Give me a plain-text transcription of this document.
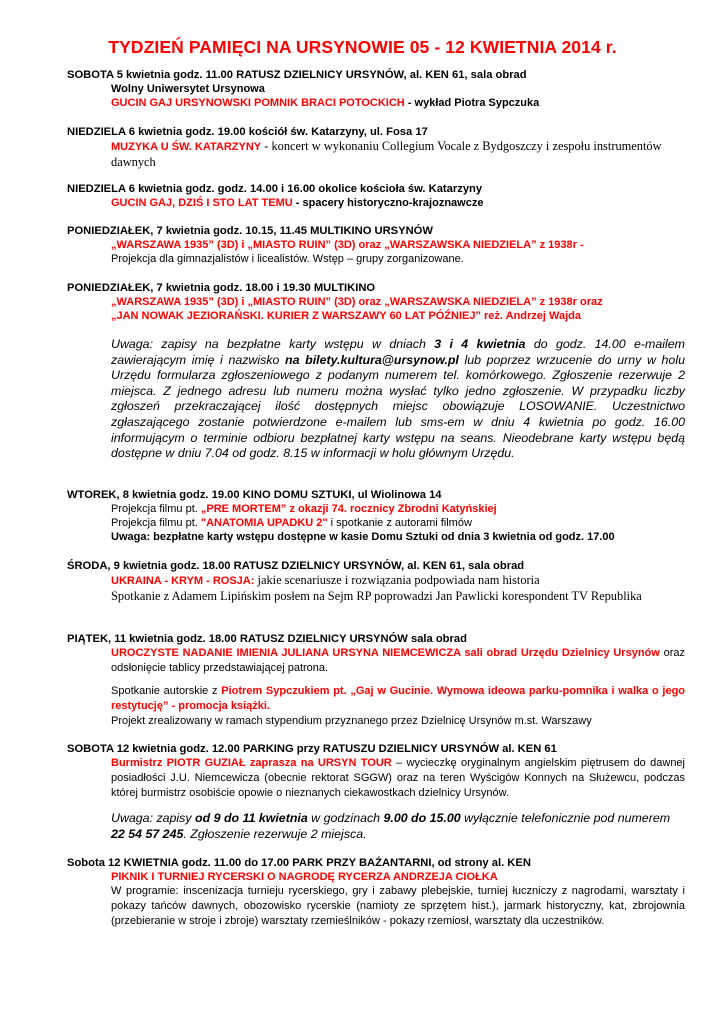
TYDZIEŃ PAMIĘCI NA URSYNOWIE 05 - 12 KWIETNIA 2014 r.
SOBOTA 5 kwietnia godz. 11.00 RATUSZ DZIELNICY URSYNÓW, al. KEN 61, sala obrad
Wolny Uniwersytet Ursynowa
GUCIN GAJ URSYNOWSKI POMNIK BRACI POTOCKICH - wykład Piotra Sypczuka
NIEDZIELA 6 kwietnia godz. 19.00 kościół św. Katarzyny, ul. Fosa 17
MUZYKA U ŚW. KATARZYNY - koncert w wykonaniu Collegium Vocale z Bydgoszczy i zespołu instrumentów dawnych
NIEDZIELA 6 kwietnia godz. godz. 14.00 i 16.00 okolice kościoła św. Katarzyny
GUCIN GAJ, DZIŚ I STO LAT TEMU - spacery historyczno-krajoznawcze
PONIEDZIAŁEK, 7 kwietnia godz. 10.15, 11.45 MULTIKINO URSYNÓW
„WARSZAWA 1935” (3D) i „MIASTO RUIN” (3D) oraz „WARSZAWSKA NIEDZIELA” z 1938r -
Projekcja dla gimnazjalistów i licealistów. Wstęp – grupy zorganizowane.
PONIEDZIAŁEK, 7 kwietnia godz. 18.00 i 19.30 MULTIKINO
„WARSZAWA 1935” (3D) i „MIASTO RUIN” (3D) oraz „WARSZAWSKA NIEDZIELA” z 1938r oraz
„JAN NOWAK JEZIORAŃSKI. KURIER Z WARSZAWY 60 LAT PÓŹNIEJ” reż. Andrzej Wajda
Uwaga: zapisy na bezpłatne karty wstępu w dniach 3 i 4 kwietnia do godz. 14.00 e-mailem zawierającym imię i nazwisko na bilety.kultura@ursynow.pl lub poprzez wrzucenie do urny w holu Urzędu formularza zgłoszeniowego z podanym numerem tel. komórkowego. Zgłoszenie rezerwuje 2 miejsca. Z jednego adresu lub numeru można wysłać tylko jedno zgłoszenie. W przypadku liczby zgłoszeń przekraczającej ilość dostępnych miejsc obowiązuje LOSOWANIE. Uczestnictwo zgłaszającego zostanie potwierdzone e-mailem lub sms-em w dniu 4 kwietnia po godz. 16.00 informującym o terminie odbioru bezpłatnej karty wstępu na seans. Nieodebrane karty wstępu będą dostępne w dniu 7.04 od godz. 8.15 w informacji w holu głównym Urzędu.
WTOREK, 8 kwietnia godz. 19.00 KINO DOMU SZTUKI, ul Wiolinowa 14
Projekcja filmu pt. „PRE MORTEM” z okazji 74. rocznicy Zbrodni Katyńskiej
Projekcja filmu pt. "ANATOMIA UPADKU 2" i spotkanie z autorami filmów
Uwaga: bezpłatne karty wstępu dostępne w kasie Domu Sztuki od dnia 3 kwietnia od godz. 17.00
ŚRODA, 9 kwietnia godz. 18.00 RATUSZ DZIELNICY URSYNÓW, al. KEN 61, sala obrad
UKRAINA - KRYM - ROSJA: jakie scenariusze i rozwiązania podpowiada nam historia
Spotkanie z Adamem Lipińskim posłem na Sejm RP poprowadzi Jan Pawlicki korespondent TV Republika
PIĄTEK, 11 kwietnia godz. 18.00 RATUSZ DZIELNICY URSYNÓW sala obrad
UROCZYSTE NADANIE IMIENIA JULIANA URSYNA NIEMCEWICZA sali obrad Urzędu Dzielnicy Ursynów oraz odsłonięcie tablicy przedstawiającej patrona.
Spotkanie autorskie z Piotrem Sypczukiem pt. „Gaj w Gucinie. Wymowa ideowa parku-pomnika i walka o jego restytucję” - promocja książki.
Projekt zrealizowany w ramach stypendium przyznanego przez Dzielnicę Ursynów m.st. Warszawy
SOBOTA 12 kwietnia godz. 12.00 PARKING przy RATUSZU DZIELNICY URSYNÓW al. KEN 61
Burmistrz PIOTR GUZIAŁ zaprasza na URSYN TOUR – wycieczkę oryginalnym angielskim piętrusem do dawnej posiadłości J.U. Niemcewicza (obecnie rektorat SGGW) oraz na teren Wyścigów Konnych na Służewcu, podczas której burmistrz osobiście opowie o nieznanych ciekawostkach dzielnicy Ursynów.
Uwaga: zapisy od 9 do 11 kwietnia w godzinach 9.00 do 15.00 wyłącznie telefonicznie pod numerem 22 54 57 245. Zgłoszenie rezerwuje 2 miejsca.
Sobota 12 KWIETNIA godz. 11.00 do 17.00 PARK PRZY BAŻANTARNI, od strony al. KEN
PIKNIK I TURNIEJ RYCERSKI O NAGRODĘ RYCERZA ANDRZEJA CIOŁKA
W programie: inscenizacja turnieju rycerskiego, gry i zabawy plebejskie, turniej łuczniczy z nagrodami, warsztaty i pokazy tańców dawnych, obozowisko rycerskie (namioty ze sprzętem hist.), jarmark historyczny, kat, zbrojownia (przebieranie w stroje i zbroje) warsztaty rzemieślników - pokazy rzemiosł, warsztaty dla uczestników.
